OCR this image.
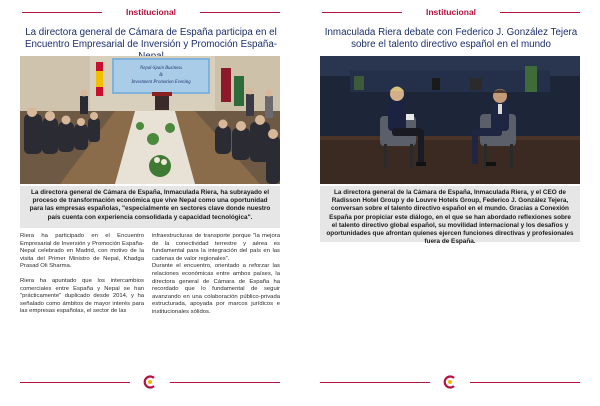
Institucional
La directora general de Cámara de España participa en el Encuentro Empresarial de Inversión y Promoción España-
Nepal-Spain Business
&
Investment Promotion Evening
La directora general de Cámara de España, Inmaculada Riera, ha subrayado el proceso de transformación económica que vive Nepal como una oportunidad para las empresas españolas, "especialmente en sectores clave donde nuestro país cuenta con experiencia consolidada y capacidad tecnológica".

Riera ha participado en el Encuentro Empresarial de Inversión y Promoción España-Nepal celebrado en Madrid, con motivo de la visita del Primer Ministro de Nepal, Khadga Prasad Oli Sharma.

Riera ha apuntado que los intercambios comerciales entre España y Nepal se han "prácticamente" duplicado desde 2014, y ha señalado como ámbitos de mayor interés para las empresas españolas, el sector de las

infraestructuras de transporte porque "la mejora de la conectividad terrestre y aérea es fundamental para la integración del país en las cadenas de valor regionales".

Durante el encuentro, orientado a reforzar las relaciones económicas entre ambos países, la directora general de Cámara de España ha recordado que lo fundamental de seguir avanzando en una colaboración público-privada estructurada, apoyada por marcos jurídicos e institucionales sólidos.

Institucional
Inmaculada Riera debate con Federico J. González Tejera sobre el talento directivo español en el mundo
La directora general de la Cámara de España, Inmaculada Riera, y el CEO de Radisson Hotel Group y de Louvre Hotels Group, Federico J. González Tejera, conversan sobre el talento directivo español en el mundo. Gracias a Conexión España por propiciar este diálogo, en el que se han abordado reflexiones sobre el talento directivo global español, su movilidad internacional y los desafíos y oportunidades que afrontan quienes ejercen funciones directivas y profesionales fuera de España.
